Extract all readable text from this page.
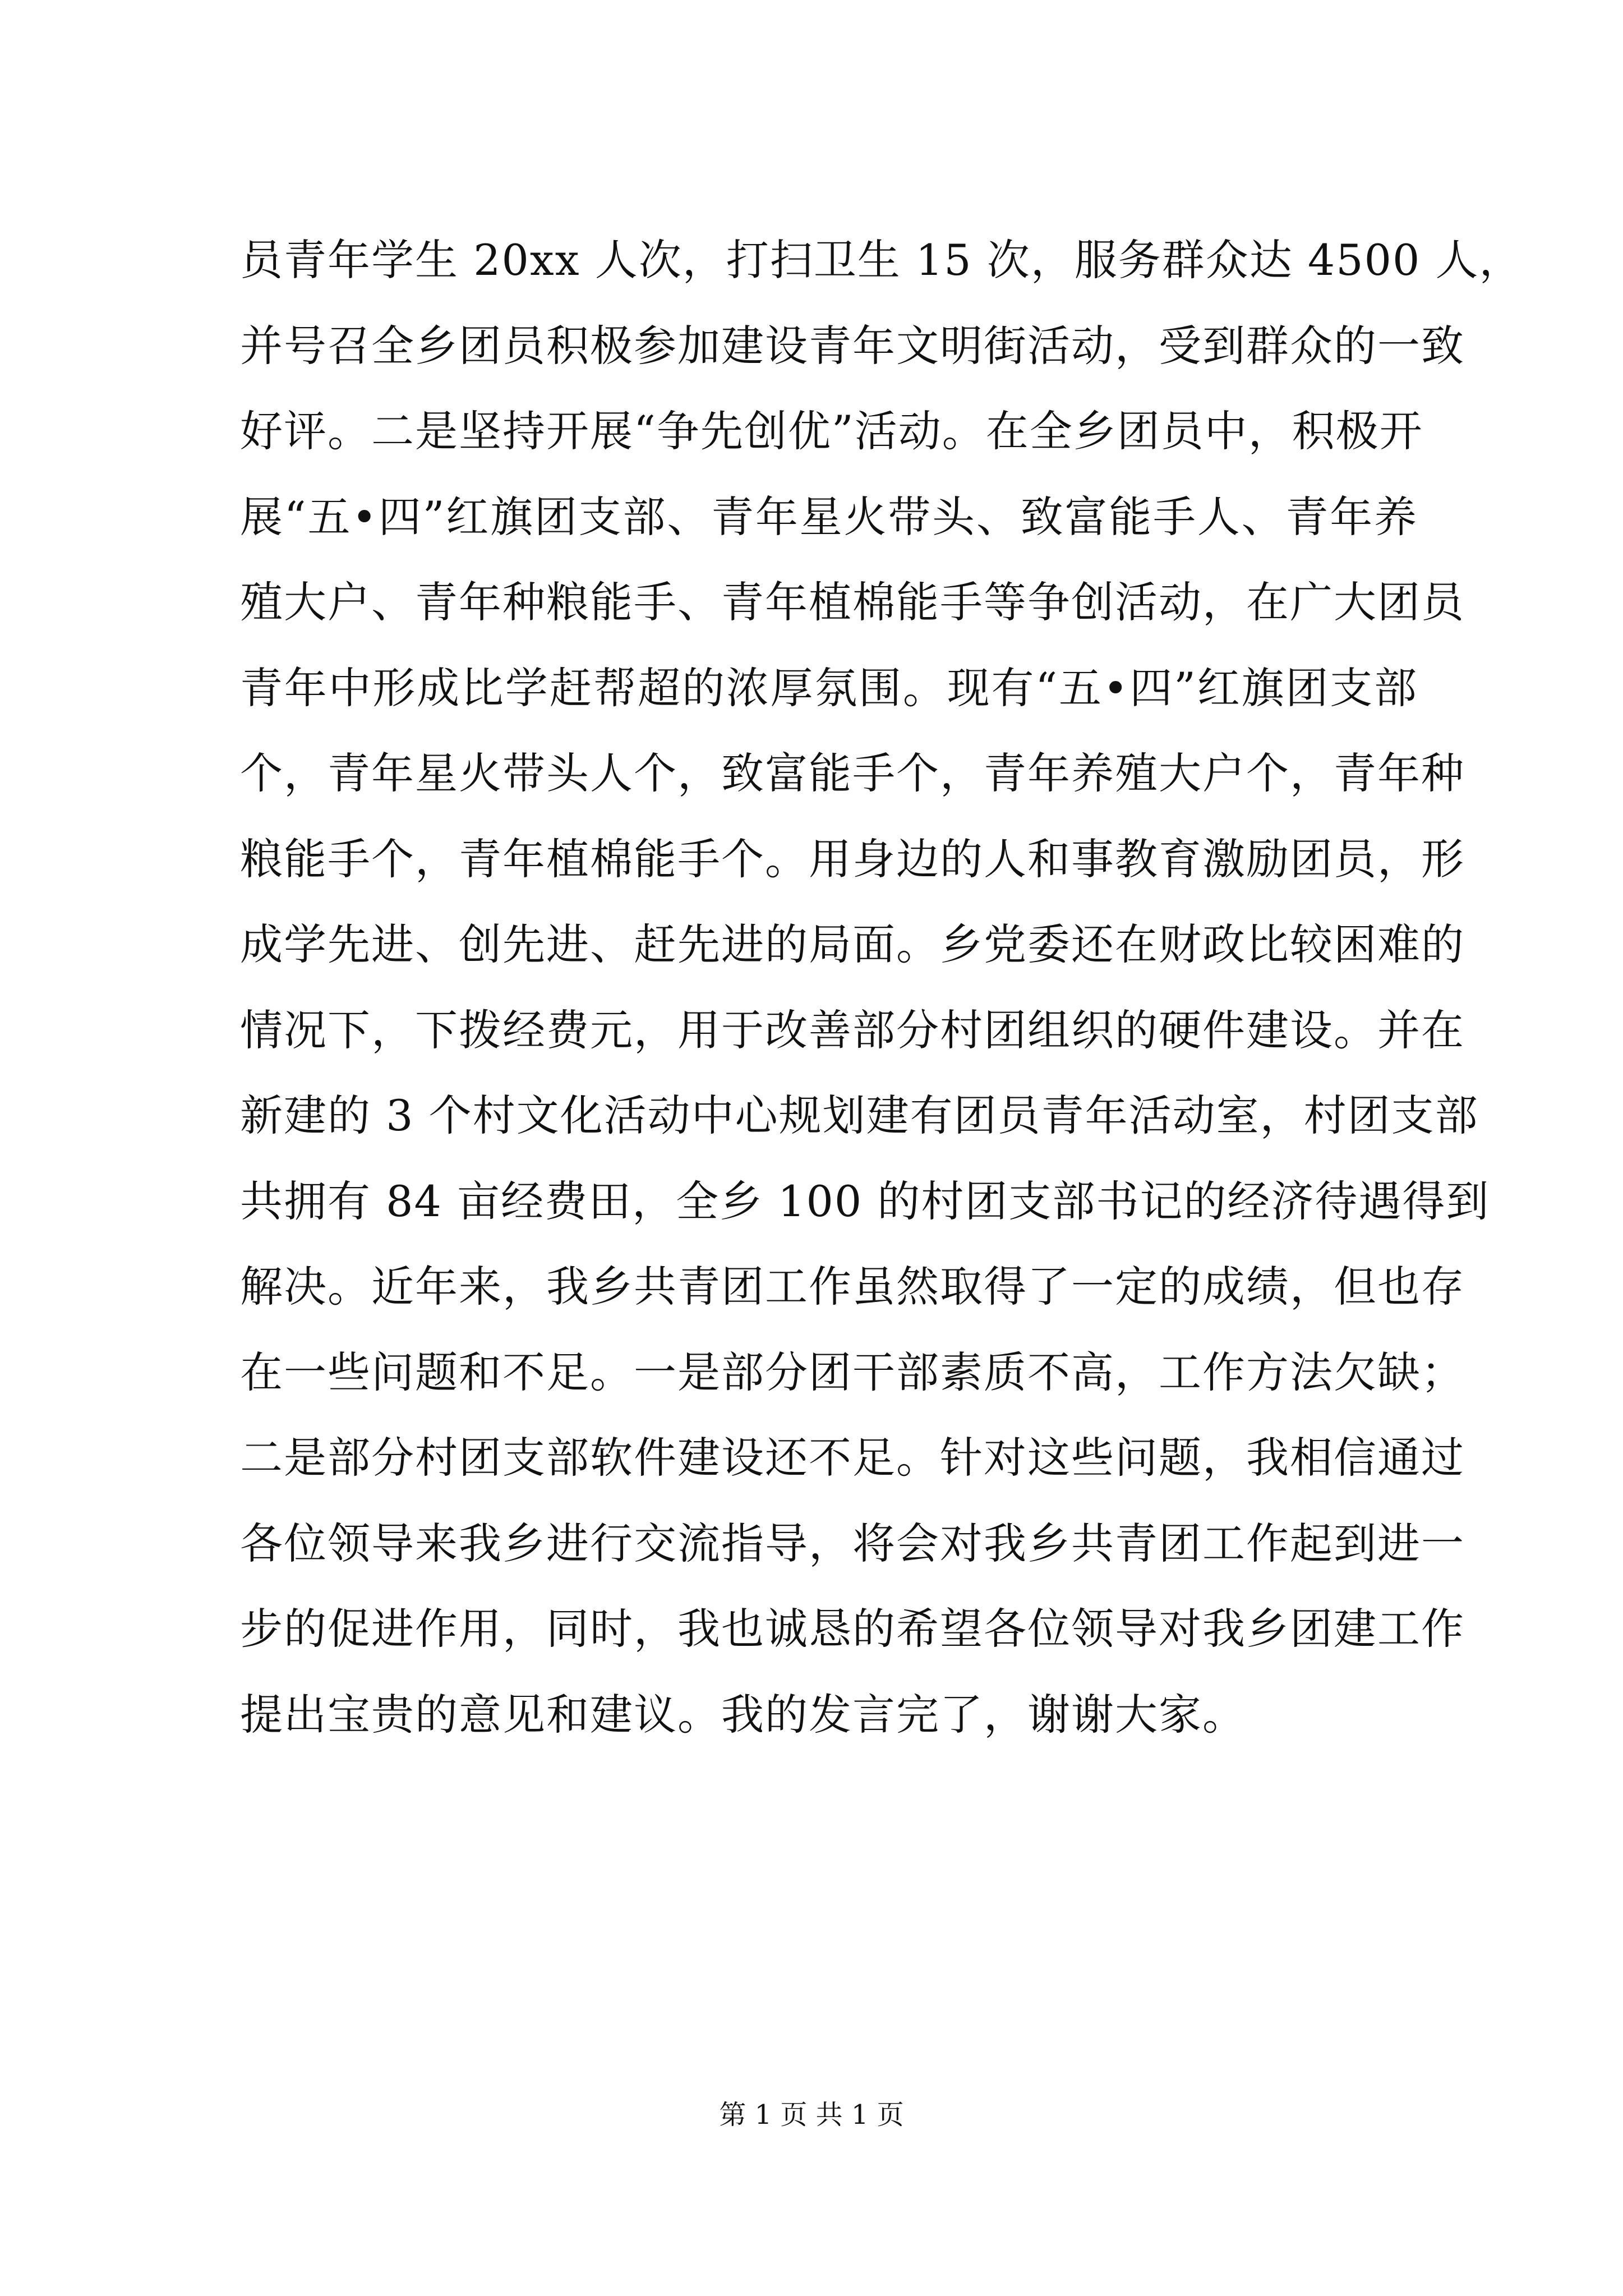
员青年学生 20xx 人次，打扫卫生 15 次，服务群众达 4500 人，
并号召全乡团员积极参加建设青年文明街活动，受到群众的一致
好评。二是坚持开展“争先创优”活动。在全乡团员中，积极开
展“五•四”红旗团支部、青年星火带头、致富能手人、青年养
殖大户、青年种粮能手、青年植棉能手等争创活动，在广大团员
青年中形成比学赶帮超的浓厚氛围。现有“五•四”红旗团支部
个，青年星火带头人个，致富能手个，青年养殖大户个，青年种
粮能手个，青年植棉能手个。用身边的人和事教育激励团员，形
成学先进、创先进、赶先进的局面。乡党委还在财政比较困难的
情况下，下拨经费元，用于改善部分村团组织的硬件建设。并在
新建的 3 个村文化活动中心规划建有团员青年活动室，村团支部
共拥有 84 亩经费田，全乡 100 的村团支部书记的经济待遇得到
解决。近年来，我乡共青团工作虽然取得了一定的成绩，但也存
在一些问题和不足。一是部分团干部素质不高，工作方法欠缺；
二是部分村团支部软件建设还不足。针对这些问题，我相信通过
各位领导来我乡进行交流指导，将会对我乡共青团工作起到进一
步的促进作用，同时，我也诚恳的希望各位领导对我乡团建工作
提出宝贵的意见和建议。我的发言完了，谢谢大家。
第 1 页 共 1 页
